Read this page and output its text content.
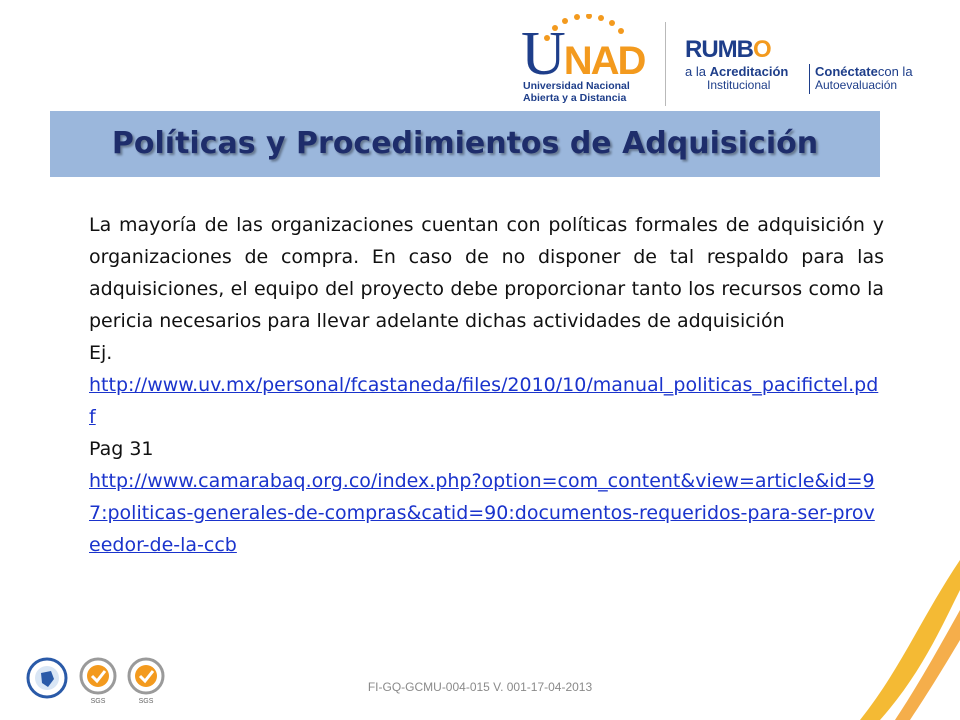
UNAD
Universidad Nacional
Abierta y a Distancia
RUMBO
a la Acreditación
Institucional
Conéctatecon la
Autoevaluación
Políticas y Procedimientos de Adquisición

La mayoría de las organizaciones cuentan con políticas formales de adquisición y organizaciones de compra. En caso de no disponer de tal respaldo para las adquisiciones, el equipo del proyecto debe proporcionar tanto los recursos como la pericia necesarios para llevar adelante dichas actividades de adquisición

Ej.

http://www.uv.mx/personal/fcastaneda/files/2010/10/manual_politicas_pacifictel.pdf

Pag 31

http://www.camarabaq.org.co/index.php?option=com_content&view=article&id=97:politicas-generales-de-compras&catid=90:documentos-requeridos-para-ser-proveedor-de-la-ccb

SGS	SGS
FI-GQ-GCMU-004-015 V. 001-17-04-2013
